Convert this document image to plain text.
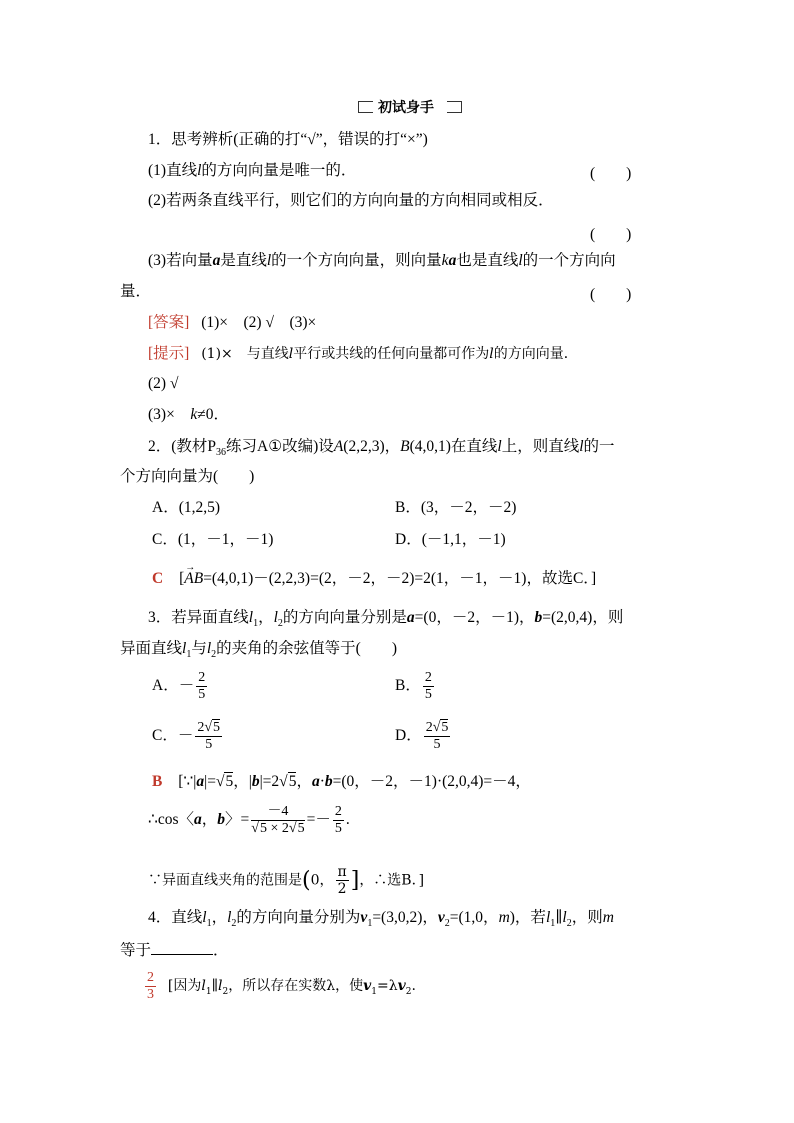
初试身手
1．思考辨析(正确的打“√”，错误的打“×”)
(1)直线l的方向向量是唯一的．	(　　)
(2)若两条直线平行，则它们的方向向量的方向相同或相反．
(　　)
(3)若向量a是直线l的一个方向向量，则向量ka也是直线l的一个方向向
量．	(　　)
[答案] (1)×　(2) √　(3)×
[提示] (1)×　与直线l平行或共线的任何向量都可作为l的方向向量．
(2) √
(3)×　k≠0．
2．(教材$P_{36}$练习A①改编)设A(2,2,3)，B(4,0,1)在直线l上，则直线l的一
个方向向量为(　　)
A．(1,2,5)	B．(3，－2，－2)
C．(1，－1，－1)	D．(－1,1，－1)
C [→ AB=(4,0,1)－(2,2,3)=(2，－2，－2)=2(1，－1，－1)，故选C．]
3．若异面直线$l_1$，$l_2$的方向向量分别是a=(0，－2，－1)，b=(2,0,4)，则
异面直线$l_1$与$l_2$的夹角的余弦值等于(　　)
A．－ $\frac{2}{5}$	B． $\frac{2}{5}$
C．－ $\frac{2√5}{5}$	D． $\frac{2√5}{5}$
B [∵|a|=√5，|b|=2√5，a·b=(0，－2，－1)·(2,0,4)=－4，
∴cos〈a，b〉= $\frac{-4}{√5 \times 2√5} =- \frac{2}{5}$ .
∵异面直线夹角的范围是(0， $\frac{\pi}{2}$ ]，∴选B．]
4．直线$l_1$，$l_2$的方向向量分别为$v_1=(3,0,2)$，$v_2=(1,0$，m)，若$l_1\parallel l_2$，则m
等于	．
$\frac{2}{3}$ [因为$l_1\parallel l_2$，所以存在实数λ，使$v_1=\lambda v_2$.
